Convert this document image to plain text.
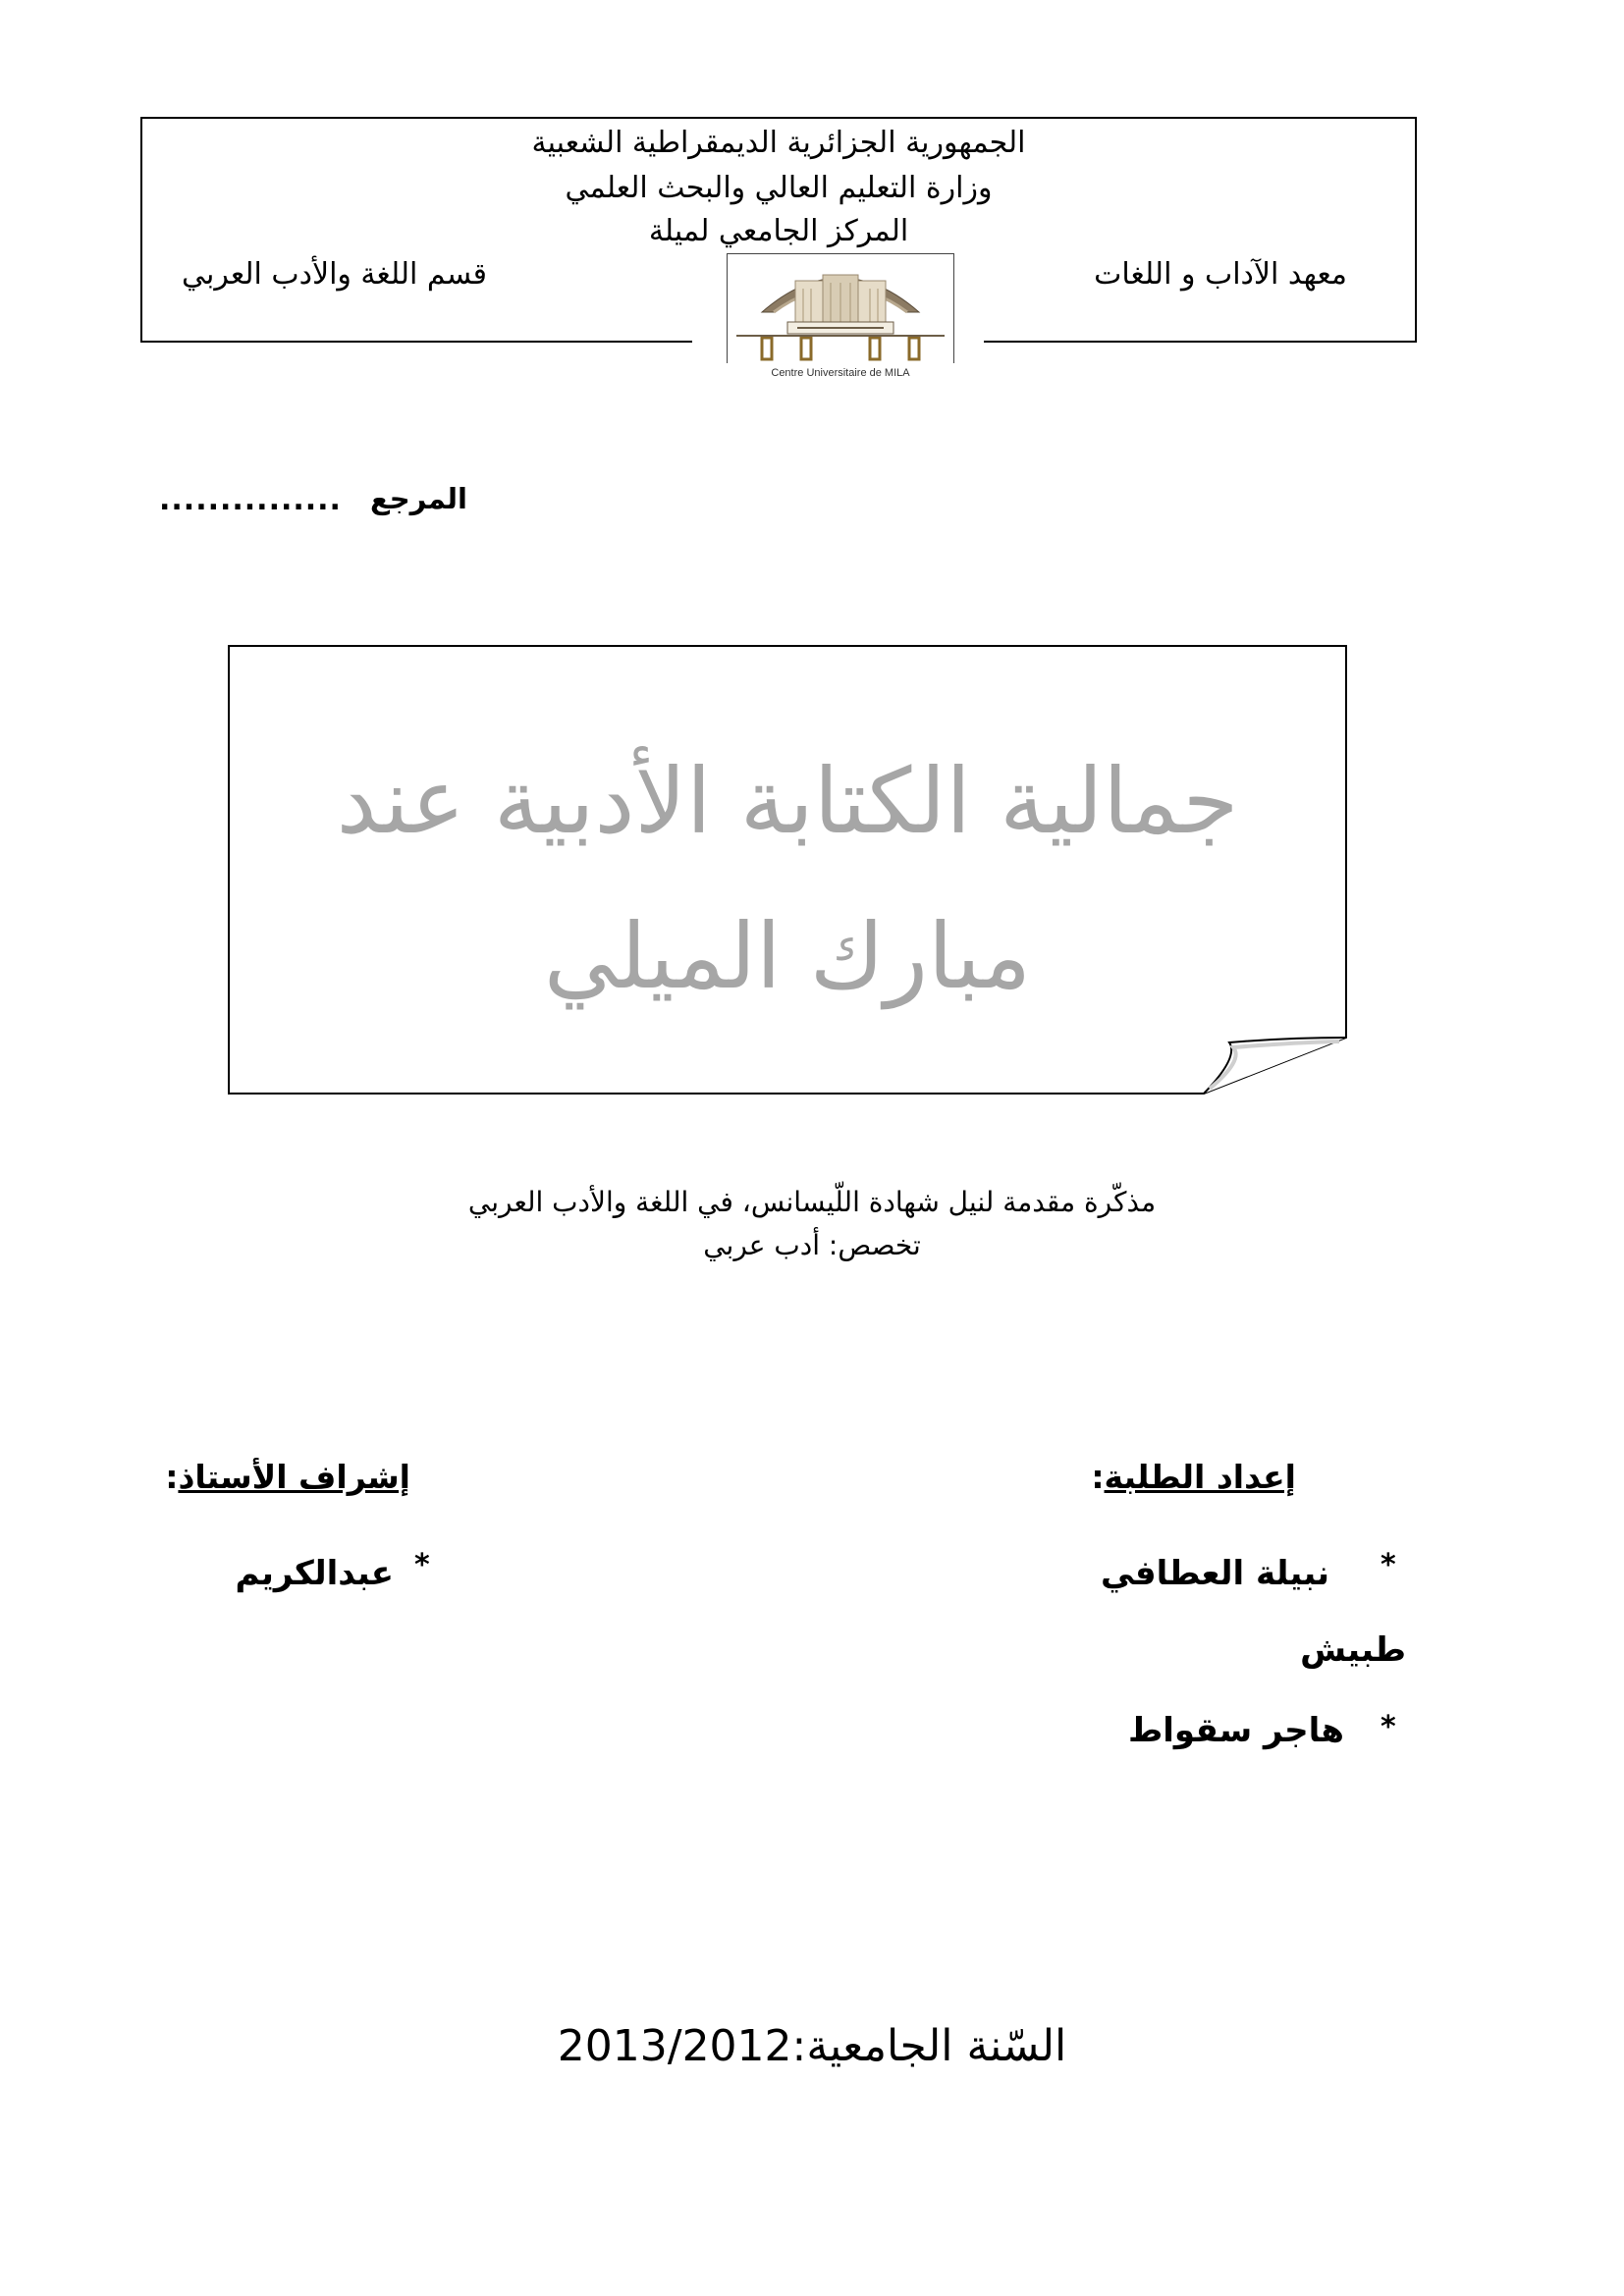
الجمهورية الجزائرية الديمقراطية الشعبية
وزارة التعليم العالي والبحث العلمي
المركز الجامعي لميلة
معهد الآداب و اللغات
قسم اللغة والأدب العربي
Centre Universitaire de MILA
المرجع
...............
جمالية الكتابة الأدبية عند
مبارك الميلي
مذكّرة مقدمة لنيل شهادة اللّيسانس، في اللغة والأدب العربي
تخصص: أدب عربي
إعداد الطلبة:
إشراف الأستاذ:
*
نبيلة العطافي
طبيش
*
هاجر سقواط
*
عبدالكريم
السّنة الجامعية:2013/2012
